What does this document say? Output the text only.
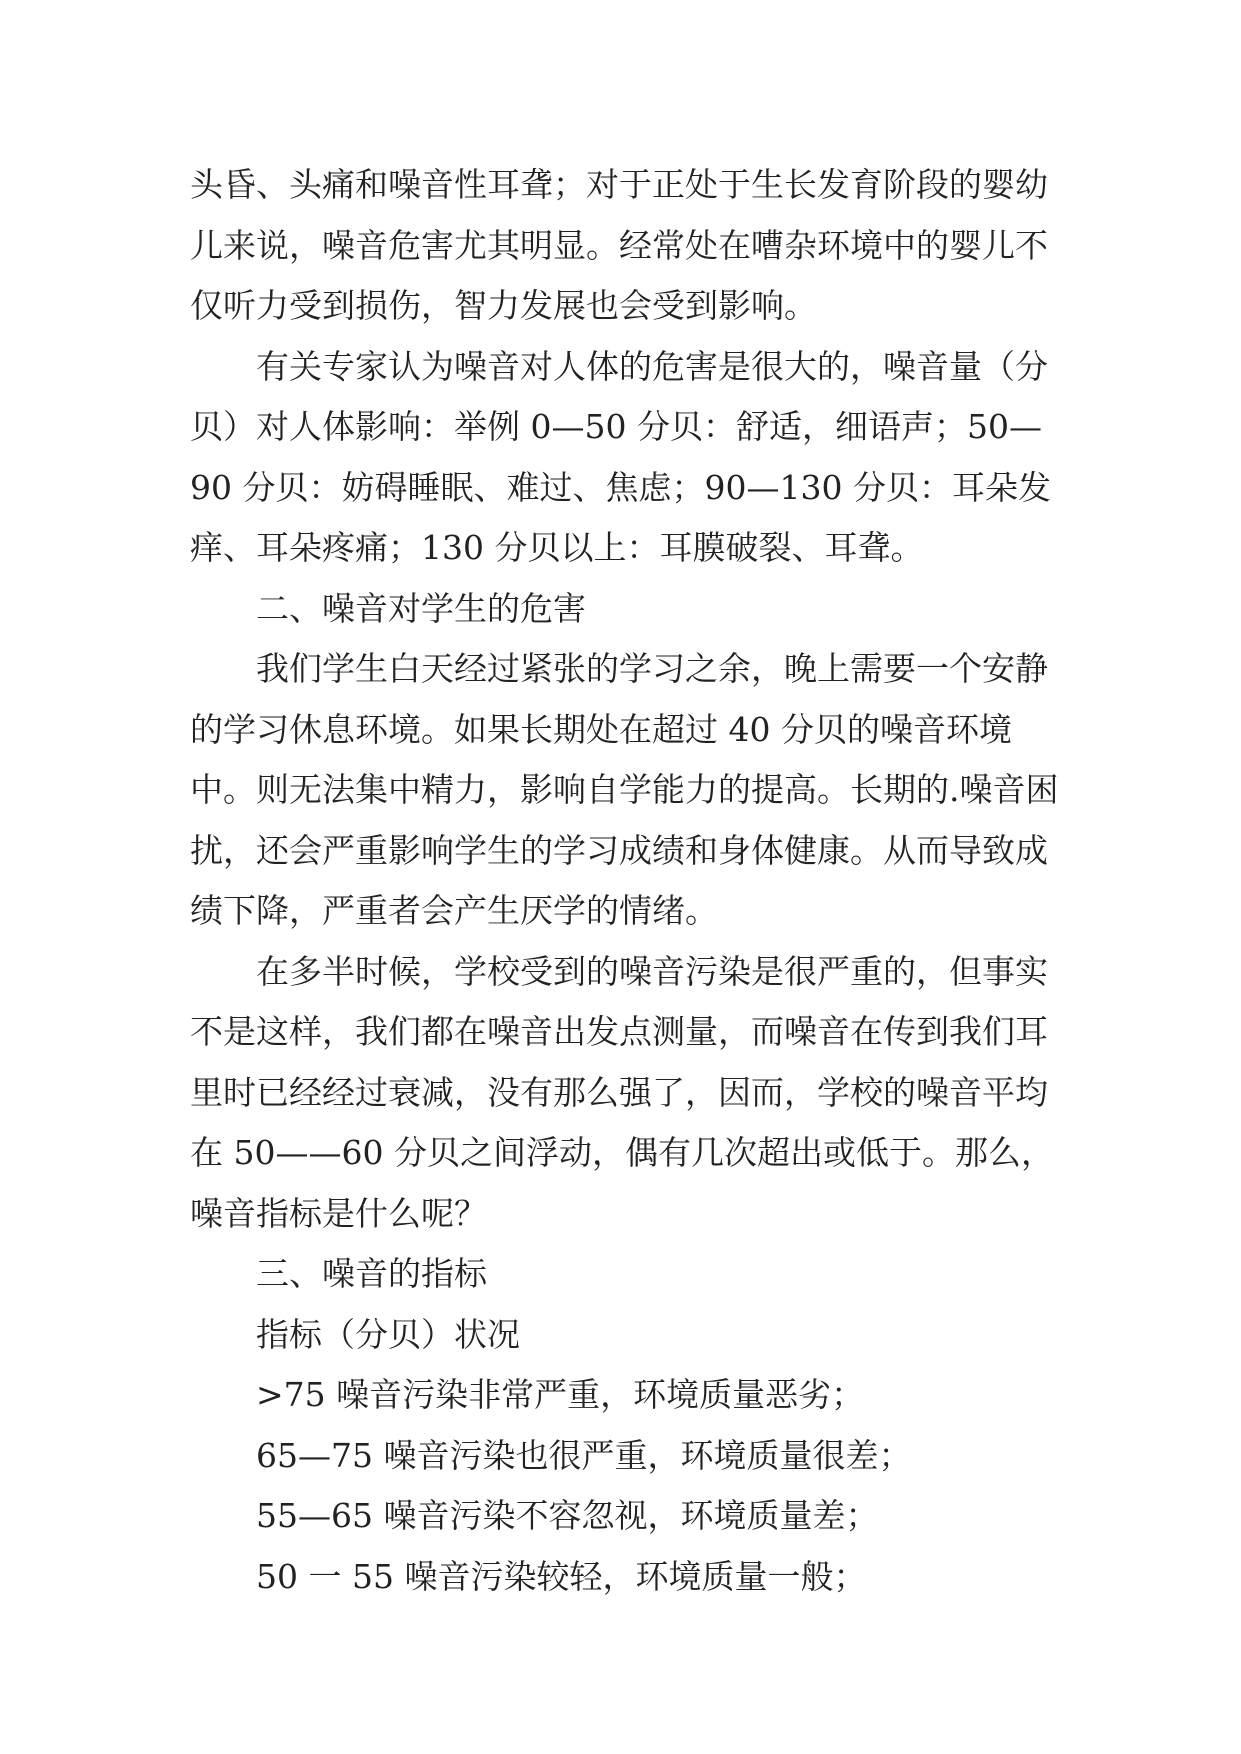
头昏、头痛和噪音性耳聋；对于正处于生长发育阶段的婴幼儿来说，噪音危害尤其明显。经常处在嘈杂环境中的婴儿不仅听力受到损伤，智力发展也会受到影响。

有关专家认为噪音对人体的危害是很大的，噪音量（分贝）对人体影响：举例 0—50 分贝：舒适，细语声；50—90 分贝：妨碍睡眠、难过、焦虑；90—130 分贝：耳朵发痒、耳朵疼痛；130 分贝以上：耳膜破裂、耳聋。

二、噪音对学生的危害

我们学生白天经过紧张的学习之余，晚上需要一个安静的学习休息环境。如果长期处在超过 40 分贝的噪音环境中。则无法集中精力，影响自学能力的提高。长期的.噪音困扰，还会严重影响学生的学习成绩和身体健康。从而导致成绩下降，严重者会产生厌学的情绪。

在多半时候，学校受到的噪音污染是很严重的，但事实不是这样，我们都在噪音出发点测量，而噪音在传到我们耳里时已经经过衰减，没有那么强了，因而，学校的噪音平均在 50——60 分贝之间浮动，偶有几次超出或低于。那么，噪音指标是什么呢？

三、噪音的指标

指标（分贝）状况

>75 噪音污染非常严重，环境质量恶劣；

65—75 噪音污染也很严重，环境质量很差；

55—65 噪音污染不容忽视，环境质量差；

50 一 55 噪音污染较轻，环境质量一般；
